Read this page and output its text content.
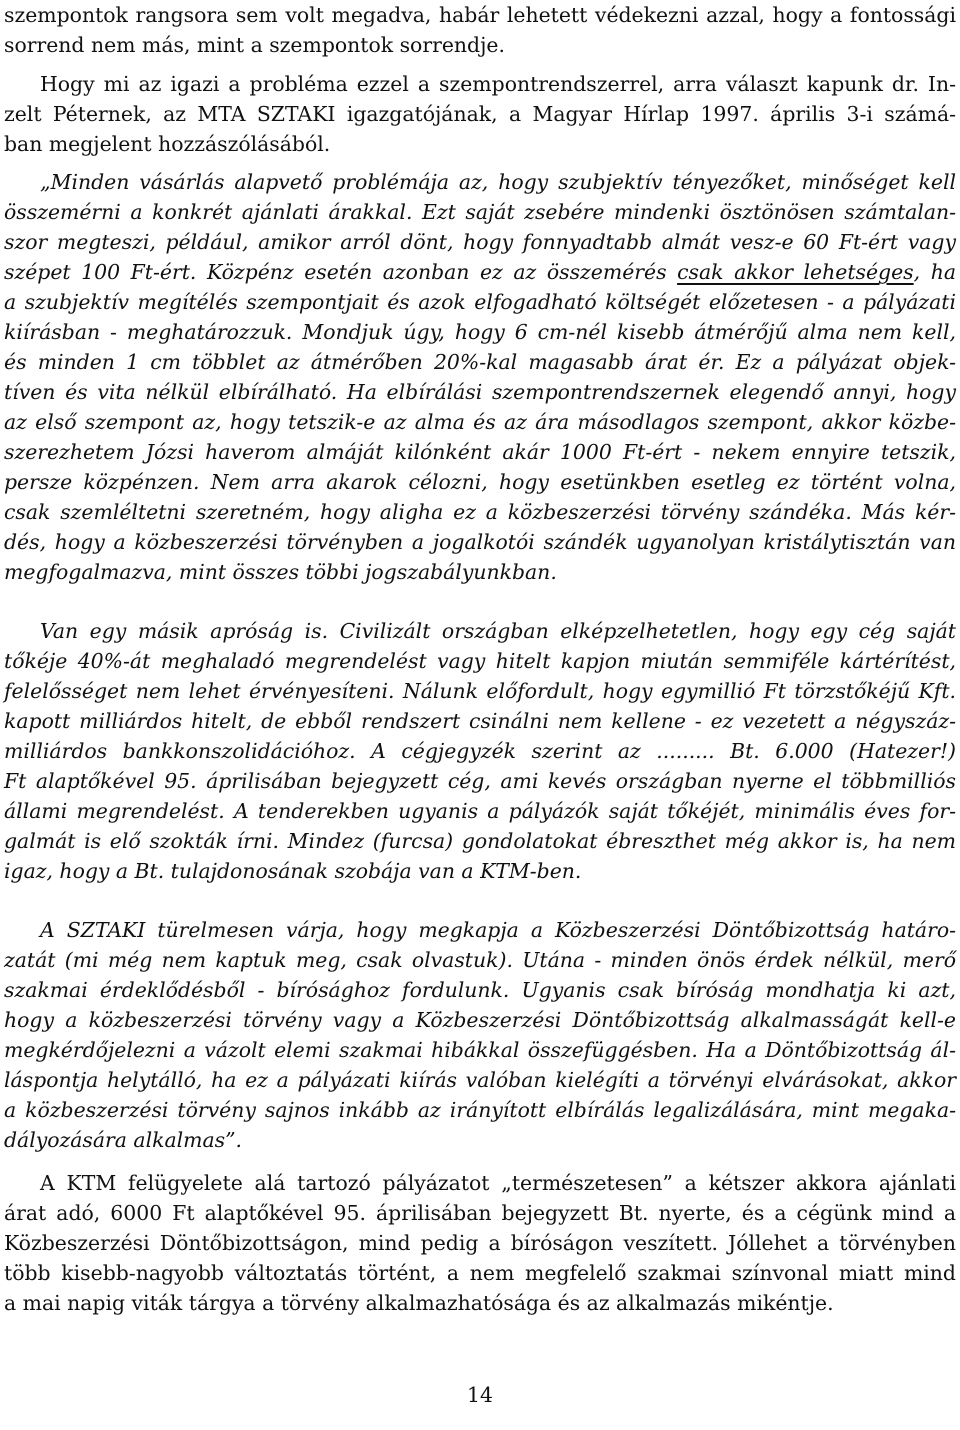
szempontok rangsora sem volt megadva, habár lehetett védekezni azzal, hogy a fontossági
sorrend nem más, mint a szempontok sorrendje.
Hogy mi az igazi a probléma ezzel a szempontrendszerrel, arra választ kapunk dr. In-
zelt Péternek, az MTA SZTAKI igazgatójának, a Magyar Hírlap 1997. április 3-i számá-
ban megjelent hozzászólásából.
„Minden vásárlás alapvető problémája az, hogy szubjektív tényezőket, minőséget kell
összemérni a konkrét ajánlati árakkal. Ezt saját zsebére mindenki ösztönösen számtalan-
szor megteszi, például, amikor arról dönt, hogy fonnyadtabb almát vesz-e 60 Ft-ért vagy
szépet 100 Ft-ért. Közpénz esetén azonban ez az összemérés csak akkor lehetséges, ha
a szubjektív megítélés szempontjait és azok elfogadható költségét előzetesen - a pályázati
kiírásban - meghatározzuk. Mondjuk úgy, hogy 6 cm-nél kisebb átmérőjű alma nem kell,
és minden 1 cm többlet az átmérőben 20%-kal magasabb árat ér. Ez a pályázat objek-
tíven és vita nélkül elbírálható. Ha elbírálási szempontrendszernek elegendő annyi, hogy
az első szempont az, hogy tetszik-e az alma és az ára másodlagos szempont, akkor közbe-
szerezhetem Józsi haverom almáját kilónként akár 1000 Ft-ért - nekem ennyire tetszik,
persze közpénzen. Nem arra akarok célozni, hogy esetünkben esetleg ez történt volna,
csak szemléltetni szeretném, hogy aligha ez a közbeszerzési törvény szándéka. Más kér-
dés, hogy a közbeszerzési törvényben a jogalkotói szándék ugyanolyan kristálytisztán van
megfogalmazva, mint összes többi jogszabályunkban.
Van egy másik apróság is. Civilizált országban elképzelhetetlen, hogy egy cég saját
tőkéje 40%-át meghaladó megrendelést vagy hitelt kapjon miután semmiféle kártérítést,
felelősséget nem lehet érvényesíteni. Nálunk előfordult, hogy egymillió Ft törzstőkéjű Kft.
kapott milliárdos hitelt, de ebből rendszert csinálni nem kellene - ez vezetett a négyszáz-
milliárdos bankkonszolidációhoz. A cégjegyzék szerint az ......... Bt. 6.000 (Hatezer!)
Ft alaptőkével 95. áprilisában bejegyzett cég, ami kevés országban nyerne el többmilliós
állami megrendelést. A tenderekben ugyanis a pályázók saját tőkéjét, minimális éves for-
galmát is elő szokták írni. Mindez (furcsa) gondolatokat ébreszthet még akkor is, ha nem
igaz, hogy a Bt. tulajdonosának szobája van a KTM-ben.
A SZTAKI türelmesen várja, hogy megkapja a Közbeszerzési Döntőbizottság határo-
zatát (mi még nem kaptuk meg, csak olvastuk). Utána - minden önös érdek nélkül, merő
szakmai érdeklődésből - bírósághoz fordulunk. Ugyanis csak bíróság mondhatja ki azt,
hogy a közbeszerzési törvény vagy a Közbeszerzési Döntőbizottság alkalmasságát kell-e
megkérdőjelezni a vázolt elemi szakmai hibákkal összefüggésben. Ha a Döntőbizottság ál-
láspontja helytálló, ha ez a pályázati kiírás valóban kielégíti a törvényi elvárásokat, akkor
a közbeszerzési törvény sajnos inkább az irányított elbírálás legalizálására, mint megaka-
dályozására alkalmas”.
A KTM felügyelete alá tartozó pályázatot „természetesen” a kétszer akkora ajánlati
árat adó, 6000 Ft alaptőkével 95. áprilisában bejegyzett Bt. nyerte, és a cégünk mind a
Közbeszerzési Döntőbizottságon, mind pedig a bíróságon veszített. Jóllehet a törvényben
több kisebb-nagyobb változtatás történt, a nem megfelelő szakmai színvonal miatt mind
a mai napig viták tárgya a törvény alkalmazhatósága és az alkalmazás mikéntje.
14
